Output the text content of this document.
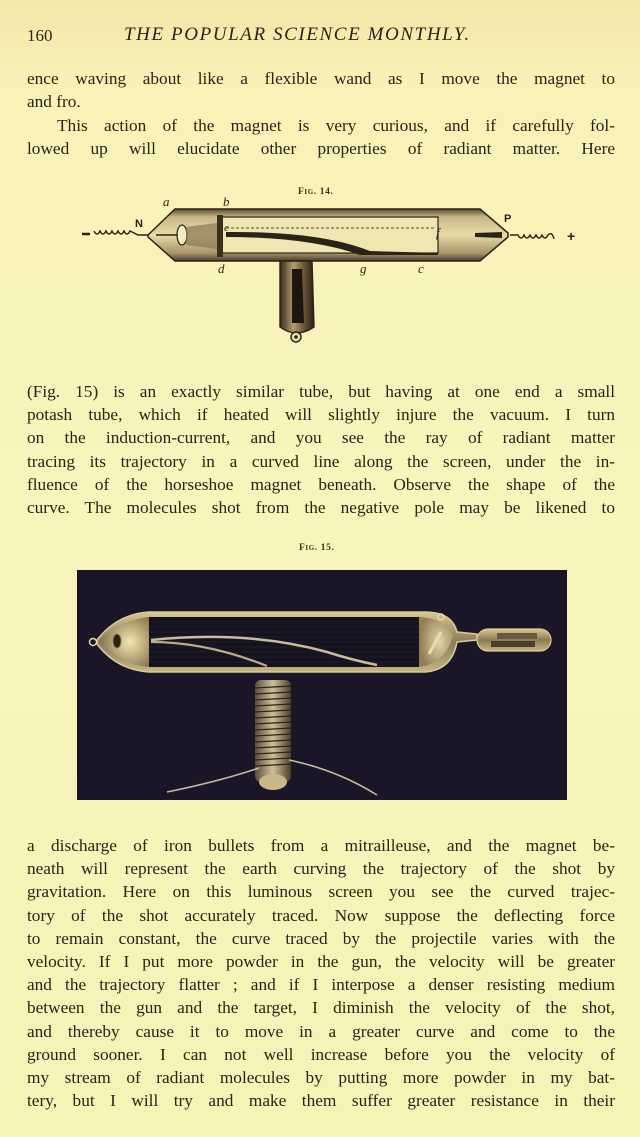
160	THE POPULAR SCIENCE MONTHLY.

ence waving about like a flexible wand as I move the magnet to
and fro.

This action of the magnet is very curious, and if carefully fol-
lowed up will elucidate other properties of radiant matter. Here

Fig. 14.
a	b
e	f
d	g	c
N	P
+

(Fig. 15) is an exactly similar tube, but having at one end a small
potash tube, which if heated will slightly injure the vacuum. I turn
on the induction-current, and you see the ray of radiant matter
tracing its trajectory in a curved line along the screen, under the in-
fluence of the horseshoe magnet beneath. Observe the shape of the
curve. The molecules shot from the negative pole may be likened to

Fig. 15.

a discharge of iron bullets from a mitrailleuse, and the magnet be-
neath will represent the earth curving the trajectory of the shot by
gravitation. Here on this luminous screen you see the curved trajec-
tory of the shot accurately traced. Now suppose the deflecting force
to remain constant, the curve traced by the projectile varies with the
velocity. If I put more powder in the gun, the velocity will be greater
and the trajectory flatter ; and if I interpose a denser resisting medium
between the gun and the target, I diminish the velocity of the shot,
and thereby cause it to move in a greater curve and come to the
ground sooner. I can not well increase before you the velocity of
my stream of radiant molecules by putting more powder in my bat-
tery, but I will try and make them suffer greater resistance in their
